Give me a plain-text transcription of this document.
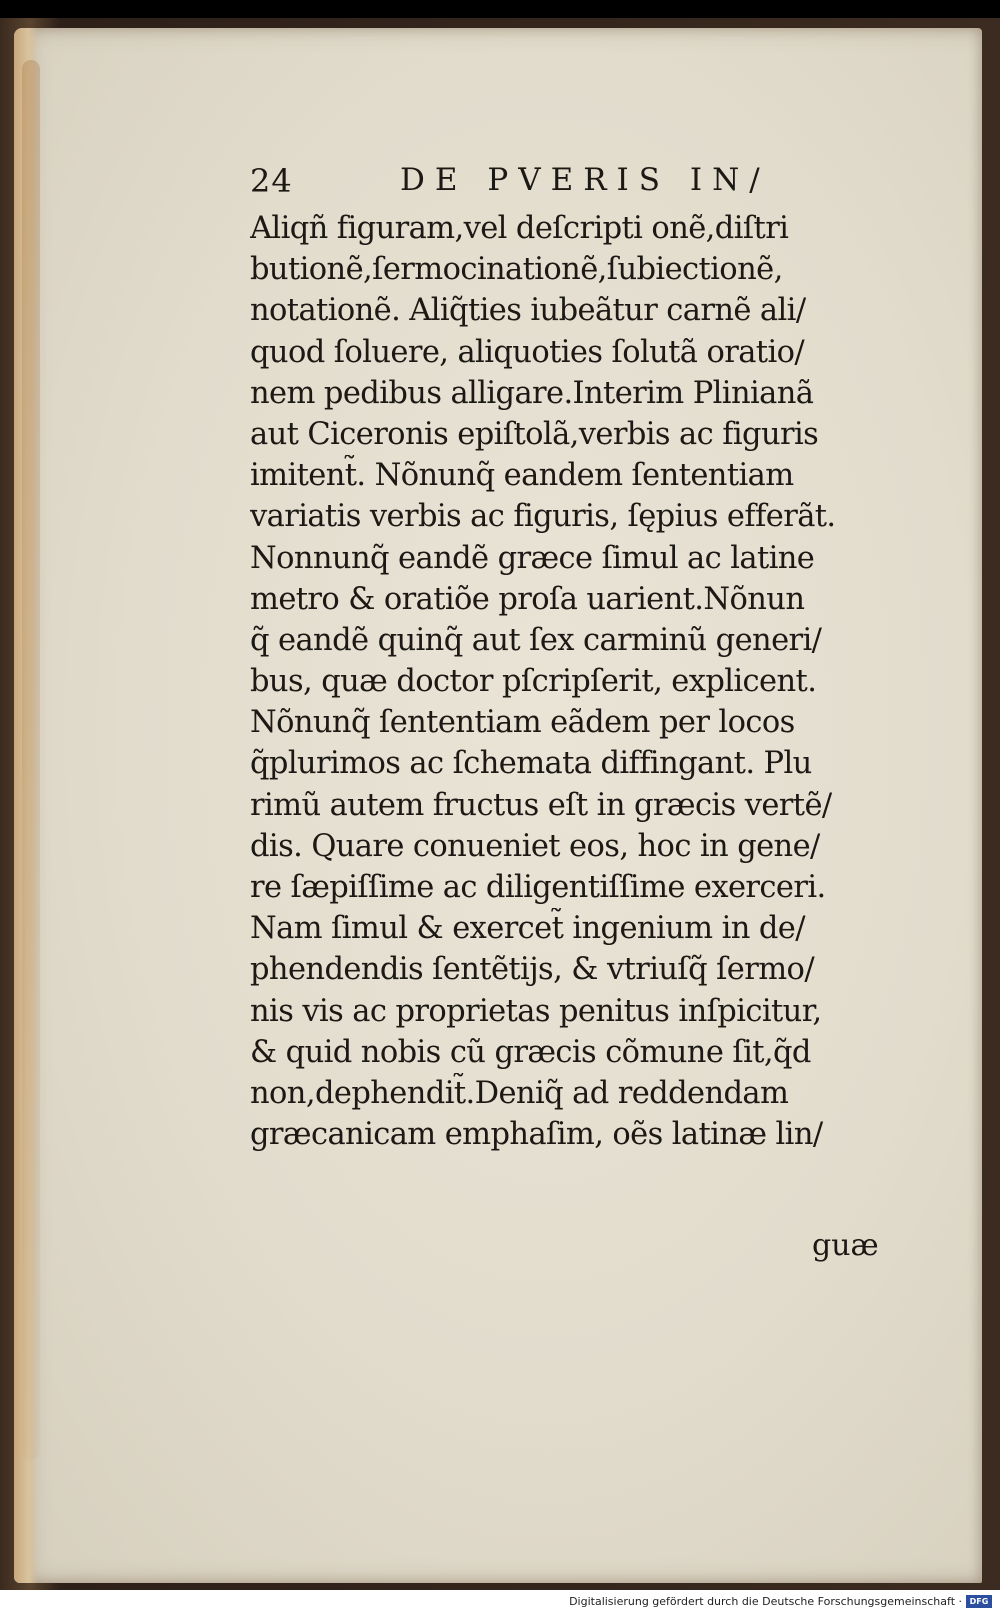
24	DE PVERIS IN/
Aliqñ figuram,vel deſcripti onẽ,diſtri
butionẽ,ſermocinationẽ,ſubiectionẽ,
notationẽ. Aliq̃ties iubeãtur carnẽ ali/
quod ſoluere, aliquoties ſolutã oratio/
nem pedibus alligare.Interim Plinianã
aut Ciceronis epiſtolã,verbis ac figuris
imitent̃. Nõnunq̃ eandem ſententiam
variatis verbis ac figuris, ſępius efferãt.
Nonnunq̃ eandẽ græce ſimul ac latine
metro & oratiõe proſa uarient.Nõnun
q̃ eandẽ quinq̃ aut ſex carminũ generi/
bus, quæ doctor pſcripſerit, explicent.
Nõnunq̃ ſententiam eãdem per locos
q̃plurimos ac ſchemata diffingant. Plu
rimũ autem fructus eſt in græcis vertẽ/
dis. Quare conueniet eos, hoc in gene/
re ſæpiſſime ac diligentiſſime exerceri.
Nam ſimul & exercet̃ ingenium in de/
phendendis ſentẽtijs, & vtriuſq̃ ſermo/
nis vis ac proprietas penitus inſpicitur,
& quid nobis cũ græcis cõmune ſit,q̃d
non,dephendit̃.Deniq̃ ad reddendam
græcanicam emphaſim, oẽs latinæ lin/
guæ
Digitalisierung gefördert durch die Deutsche Forschungsgemeinschaft · DFG
